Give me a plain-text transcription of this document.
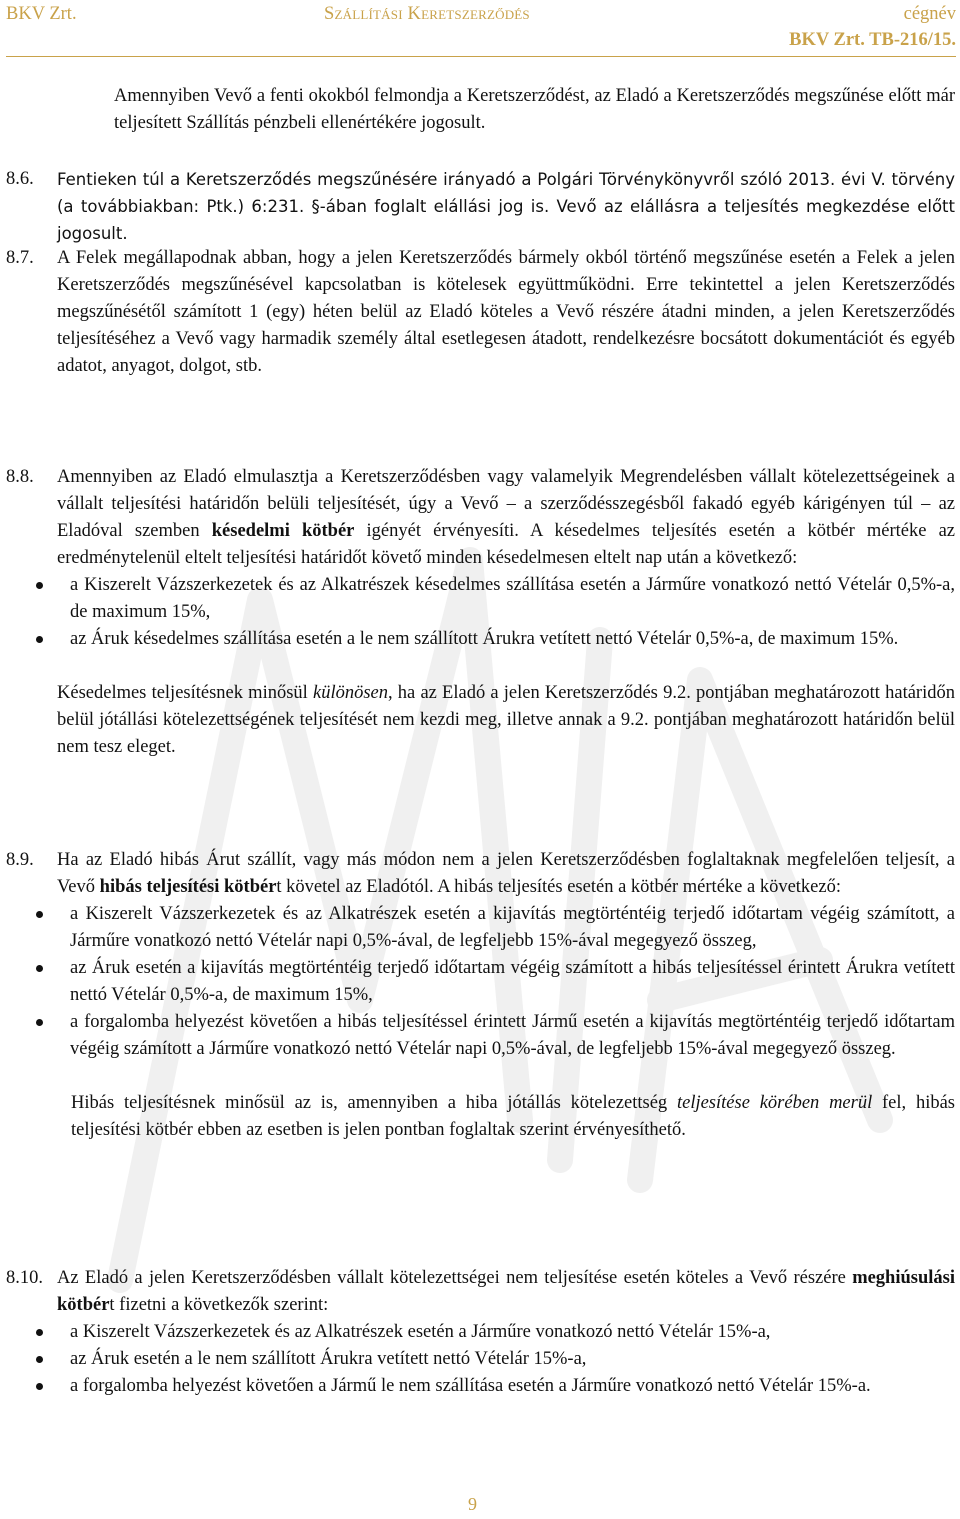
BKV Zrt.	Szállítási Keretszerződés	cégnév
BKV Zrt. TB-216/15.

Amennyiben Vevő a fenti okokból felmondja a Keretszerződést, az Eladó a Keretszerződés megszűnése előtt már teljesített Szállítás pénzbeli ellenértékére jogosult.

8.6. Fentieken túl a Keretszerződés megszűnésére irányadó a Polgári Törvénykönyvről szóló 2013. évi V. törvény (a továbbiakban: Ptk.) 6:231. §-ában foglalt elállási jog is. Vevő az elállásra a teljesítés megkezdése előtt jogosult.

8.7. A Felek megállapodnak abban, hogy a jelen Keretszerződés bármely okból történő megszűnése esetén a Felek a jelen Keretszerződés megszűnésével kapcsolatban is kötelesek együttműködni. Erre tekintettel a jelen Keretszerződés megszűnésétől számított 1 (egy) héten belül az Eladó köteles a Vevő részére átadni minden, a jelen Keretszerződés teljesítéséhez a Vevő vagy harmadik személy által esetlegesen átadott, rendelkezésre bocsátott dokumentációt és egyéb adatot, anyagot, dolgot, stb.

8.8. Amennyiben az Eladó elmulasztja a Keretszerződésben vagy valamelyik Megrendelésben vállalt kötelezettségeinek a vállalt teljesítési határidőn belüli teljesítését, úgy a Vevő – a szerződésszegésből fakadó egyéb kárigényen túl – az Eladóval szemben késedelmi kötbér igényét érvényesíti. A késedelmes teljesítés esetén a kötbér mértéke az eredménytelenül eltelt teljesítési határidőt követő minden késedelmesen eltelt nap után a következő:

a Kiszerelt Vázszerkezetek és az Alkatrészek késedelmes szállítása esetén a Járműre vonatkozó nettó Vételár 0,5%-a, de maximum 15%,
az Áruk késedelmes szállítása esetén a le nem szállított Árukra vetített nettó Vételár 0,5%-a, de maximum 15%.

Késedelmes teljesítésnek minősül különösen, ha az Eladó a jelen Keretszerződés 9.2. pontjában meghatározott határidőn belül jótállási kötelezettségének teljesítését nem kezdi meg, illetve annak a 9.2. pontjában meghatározott határidőn belül nem tesz eleget.

8.9. Ha az Eladó hibás Árut szállít, vagy más módon nem a jelen Keretszerződésben foglaltaknak megfelelően teljesít, a Vevő hibás teljesítési kötbért követel az Eladótól. A hibás teljesítés esetén a kötbér mértéke a következő:

a Kiszerelt Vázszerkezetek és az Alkatrészek esetén a kijavítás megtörténtéig terjedő időtartam végéig számított, a Járműre vonatkozó nettó Vételár napi 0,5%-ával, de legfeljebb 15%-ával megegyező összeg,
az Áruk esetén a kijavítás megtörténtéig terjedő időtartam végéig számított a hibás teljesítéssel érintett Árukra vetített nettó Vételár 0,5%-a, de maximum 15%,
a forgalomba helyezést követően a hibás teljesítéssel érintett Jármű esetén a kijavítás megtörténtéig terjedő időtartam végéig számított a Járműre vonatkozó nettó Vételár napi 0,5%-ával, de legfeljebb 15%-ával megegyező összeg.

Hibás teljesítésnek minősül az is, amennyiben a hiba jótállás kötelezettség teljesítése körében merül fel, hibás teljesítési kötbér ebben az esetben is jelen pontban foglaltak szerint érvényesíthető.

8.10. Az Eladó a jelen Keretszerződésben vállalt kötelezettségei nem teljesítése esetén köteles a Vevő részére meghiúsulási kötbért fizetni a következők szerint:

a Kiszerelt Vázszerkezetek és az Alkatrészek esetén a Járműre vonatkozó nettó Vételár 15%-a,
az Áruk esetén a le nem szállított Árukra vetített nettó Vételár 15%-a,
a forgalomba helyezést követően a Jármű le nem szállítása esetén a Járműre vonatkozó nettó Vételár 15%-a.
9
